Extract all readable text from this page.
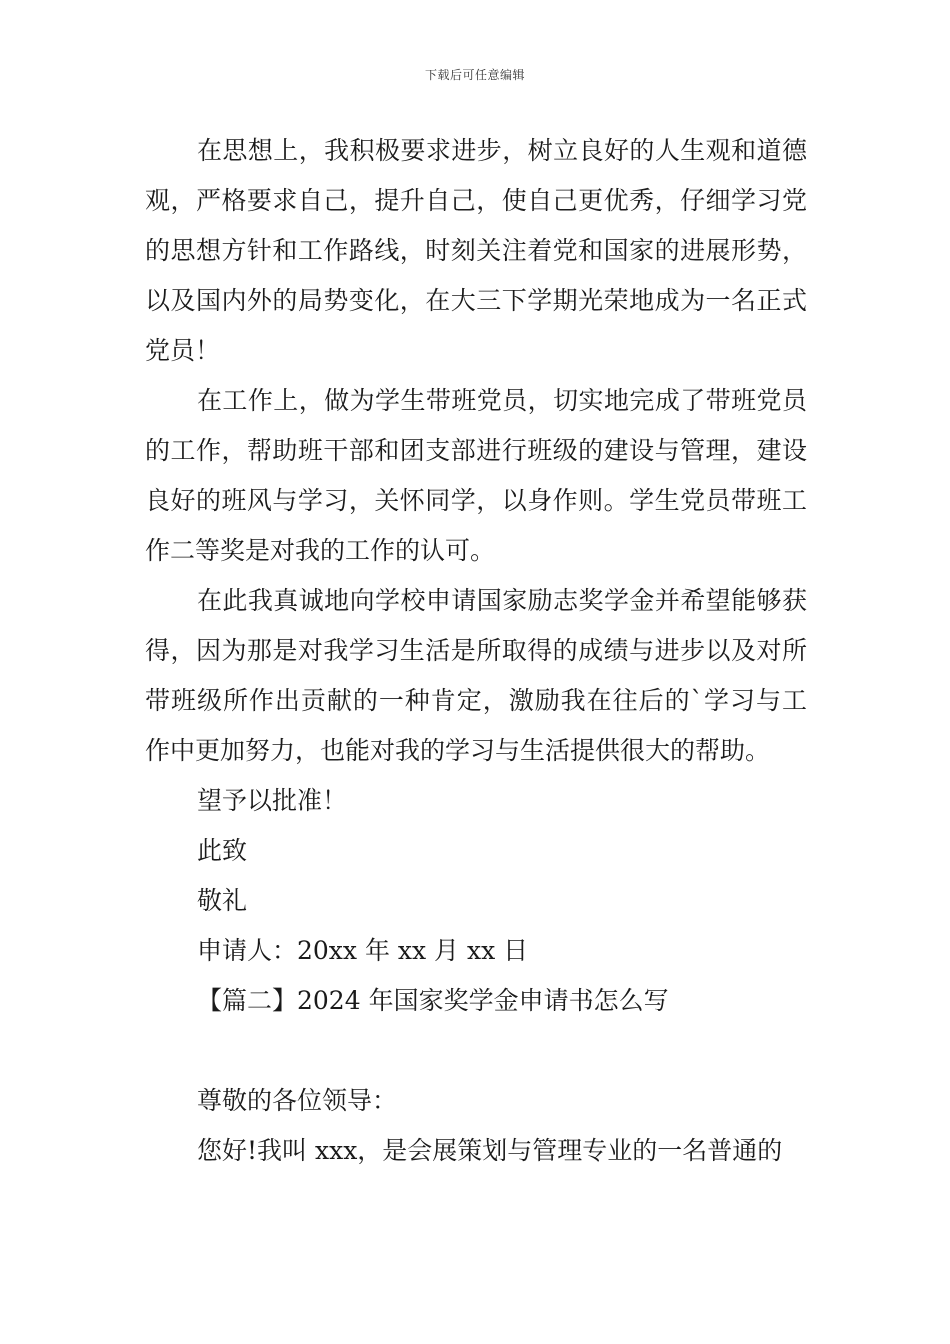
下载后可任意编辑

在思想上，我积极要求进步，树立良好的人生观和道德观，严格要求自己，提升自己，使自己更优秀，仔细学习党的思想方针和工作路线，时刻关注着党和国家的进展形势，以及国内外的局势变化，在大三下学期光荣地成为一名正式党员！

在工作上，做为学生带班党员，切实地完成了带班党员的工作，帮助班干部和团支部进行班级的建设与管理，建设良好的班风与学习，关怀同学，以身作则。学生党员带班工作二等奖是对我的工作的认可。

在此我真诚地向学校申请国家励志奖学金并希望能够获得，因为那是对我学习生活是所取得的成绩与进步以及对所带班级所作出贡献的一种肯定，激励我在往后的`学习与工作中更加努力，也能对我的学习与生活提供很大的帮助。

望予以批准！

此致

敬礼

申请人：20xx 年 xx 月 xx 日

【篇二】2024 年国家奖学金申请书怎么写

尊敬的各位领导：

您好!我叫 xxx，是会展策划与管理专业的一名普通的
